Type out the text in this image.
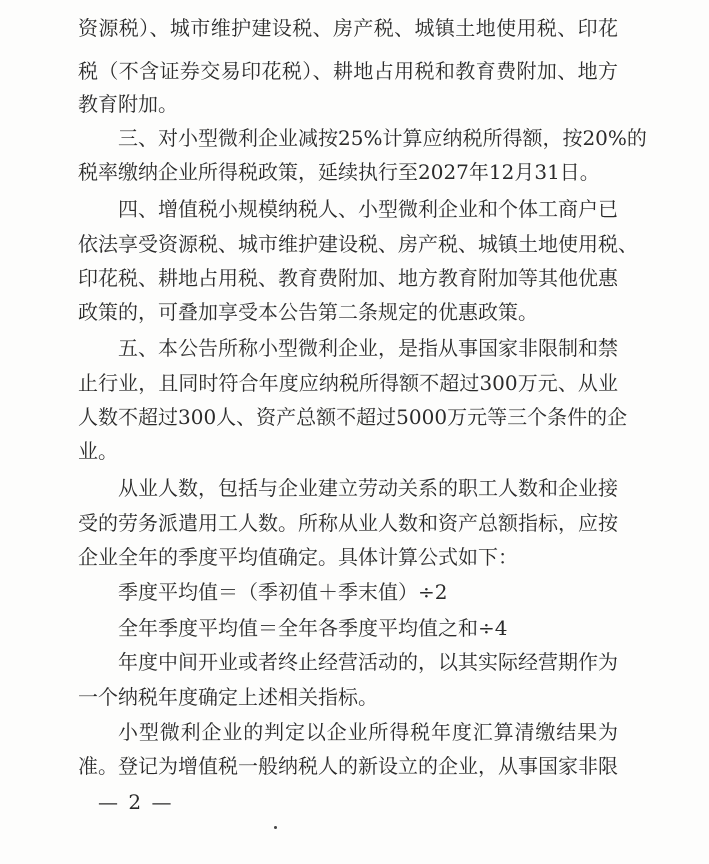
资源税）、城市维护建设税、房产税、城镇土地使用税、印花
税（不含证券交易印花税）、耕地占用税和教育费附加、地方
教育附加。
三、对小型微利企业减按25%计算应纳税所得额，按20%的
税率缴纳企业所得税政策，延续执行至2027年12月31日。
四、增值税小规模纳税人、小型微利企业和个体工商户已
依法享受资源税、城市维护建设税、房产税、城镇土地使用税、
印花税、耕地占用税、教育费附加、地方教育附加等其他优惠
政策的，可叠加享受本公告第二条规定的优惠政策。
五、本公告所称小型微利企业，是指从事国家非限制和禁
止行业，且同时符合年度应纳税所得额不超过300万元、从业
人数不超过300人、资产总额不超过5000万元等三个条件的企
业。
从业人数，包括与企业建立劳动关系的职工人数和企业接
受的劳务派遣用工人数。所称从业人数和资产总额指标，应按
企业全年的季度平均值确定。具体计算公式如下：
季度平均值＝（季初值＋季末值）÷2
全年季度平均值＝全年各季度平均值之和÷4
年度中间开业或者终止经营活动的，以其实际经营期作为
一个纳税年度确定上述相关指标。
小型微利企业的判定以企业所得税年度汇算清缴结果为
准。登记为增值税一般纳税人的新设立的企业，从事国家非限
— 2 —
